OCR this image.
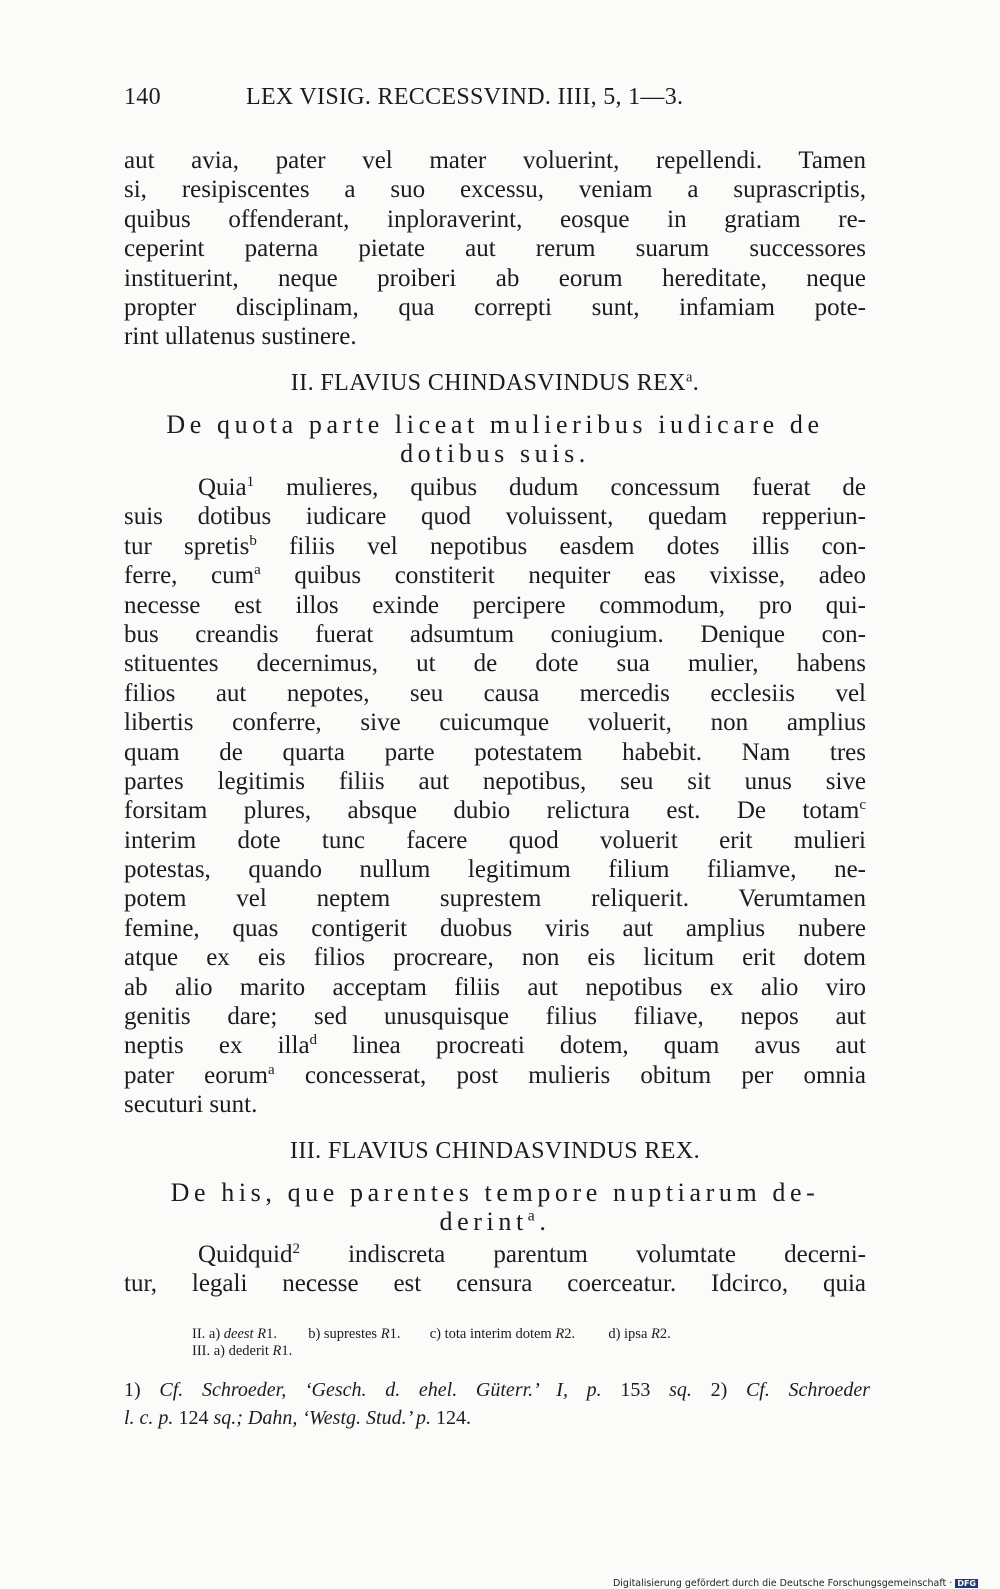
140	LEX VISIG. RECCESSVIND. IIII, 5, 1—3.
aut avia, pater vel mater voluerint, repellendi. Tamen
si, resipiscentes a suo excessu, veniam a suprascriptis,
quibus offenderant, inploraverint, eosque in gratiam re-
ceperint paterna pietate aut rerum suarum successores
instituerint, neque proiberi ab eorum hereditate, neque
propter disciplinam, qua correpti sunt, infamiam pote-
rint ullatenus sustinere.
II. FLAVIUS CHINDASVINDUS REX$^a$.
De quota parte liceat mulieribus iudicare de
dotibus suis.
Quia$^1$ mulieres, quibus dudum concessum fuerat de
suis dotibus iudicare quod voluissent, quedam repperiun-
tur spretis$^b$ filiis vel nepotibus easdem dotes illis con-
ferre, cum$^a$ quibus constiterit nequiter eas vixisse, adeo
necesse est illos exinde percipere commodum, pro qui-
bus creandis fuerat adsumtum coniugium. Denique con-
stituentes decernimus, ut de dote sua mulier, habens
filios aut nepotes, seu causa mercedis ecclesiis vel
libertis conferre, sive cuicumque voluerit, non amplius
quam de quarta parte potestatem habebit. Nam tres
partes legitimis filiis aut nepotibus, seu sit unus sive
forsitam plures, absque dubio relictura est. De totam$^c$
interim dote tunc facere quod voluerit erit mulieri
potestas, quando nullum legitimum filium filiamve, ne-
potem vel neptem suprestem reliquerit. Verumtamen
femine, quas contigerit duobus viris aut amplius nubere
atque ex eis filios procreare, non eis licitum erit dotem
ab alio marito acceptam filiis aut nepotibus ex alio viro
genitis dare; sed unusquisque filius filiave, nepos aut
neptis ex illa$^d$ linea procreati dotem, quam avus aut
pater eorum$^a$ concesserat, post mulieris obitum per omnia
secuturi sunt.
III. FLAVIUS CHINDASVINDUS REX.
De his, que parentes tempore nuptiarum de-
derint$^a$.
Quidquid$^2$ indiscreta parentum volumtate decerni-
tur, legali necesse est censura coerceatur. Idcirco, quia
II. a) deest R1. b) suprestes R1. c) tota interim dotem R2. d) ipsa R2.
III. a) dederit R1.
1) Cf. Schroeder, ‘Gesch. d. ehel. Güterr.’ I, p. 153 sq. 2) Cf. Schroeder
l. c. p. 124 sq.; Dahn, ‘Westg. Stud.’ p. 124.
Digitalisierung gefördert durch die Deutsche Forschungsgemeinschaft · DFG
